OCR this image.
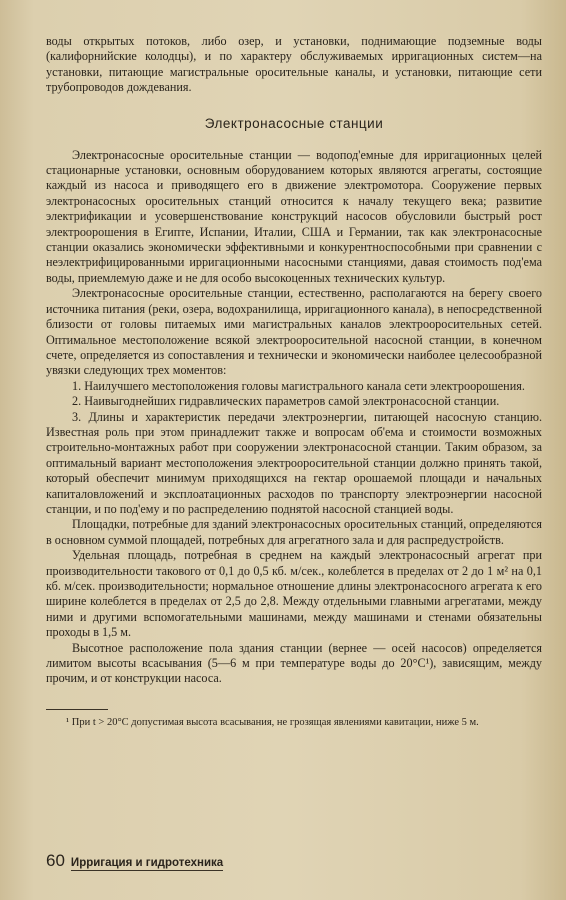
воды открытых потоков, либо озер, и установки, поднимающие подземные воды (калифорнийские колодцы), и по характеру обслуживаемых ирригационных систем—на установки, питающие магистральные оросительные каналы, и установки, питающие сети трубопроводов дождевания.

Электронасосные станции

Электронасосные оросительные станции — водопод'емные для ирригационных целей стационарные установки, основным оборудованием которых являются агрегаты, состоящие каждый из насоса и приводящего его в движение электромотора. Сооружение первых электронасосных оросительных станций относится к началу текущего века; развитие электрификации и усовершенствование конструкций насосов обусловили быстрый рост электроорошения в Египте, Испании, Италии, США и Германии, так как электронасосные станции оказались экономически эффективными и конкурентноспособными при сравнении с неэлектрифицированными ирригационными насосными станциями, давая стоимость под'ема воды, приемлемую даже и не для особо высокоценных технических культур.

Электронасосные оросительные станции, естественно, располагаются на берегу своего источника питания (реки, озера, водохранилища, ирригационного канала), в непосредственной близости от головы питаемых ими магистральных каналов электрооросительных сетей. Оптимальное местоположение всякой электрооросительной насосной станции, в конечном счете, определяется из сопоставления и технически и экономически наиболее целесообразной увязки следующих трех моментов:

1. Наилучшего местоположения головы магистрального канала сети электроорошения.

2. Наивыгоднейших гидравлических параметров самой электронасосной станции.

3. Длины и характеристик передачи электроэнергии, питающей насосную станцию. Известная роль при этом принадлежит также и вопросам об'ема и стоимости возможных строительно-монтажных работ при сооружении электронасосной станции. Таким образом, за оптимальный вариант местоположения электрооросительной станции должно принять такой, который обеспечит минимум приходящихся на гектар орошаемой площади и начальных капиталовложений и эксплоатационных расходов по транспорту электроэнергии насосной станции, и по под'ему и по распределению поднятой насосной станцией воды.

Площадки, потребные для зданий электронасосных оросительных станций, определяются в основном суммой площадей, потребных для агрегатного зала и для распредустройств.

Удельная площадь, потребная в среднем на каждый электронасосный агрегат при производительности такового от 0,1 до 0,5 кб. м/сек., колеблется в пределах от 2 до 1 м² на 0,1 кб. м/сек. производительности; нормальное отношение длины электронасосного агрегата к его ширине колеблется в пределах от 2,5 до 2,8. Между отдельными главными агрегатами, между ними и другими вспомогательными машинами, между машинами и стенами обязательны проходы в 1,5 м.

Высотное расположение пола здания станции (вернее — осей насосов) определяется лимитом высоты всасывания (5—6 м при температуре воды до 20°С¹), зависящим, между прочим, и от конструкции насоса.

¹ При t > 20°С допустимая высота всасывания, не грозящая явлениями кавитации, ниже 5 м.

60 Ирригация и гидротехника
